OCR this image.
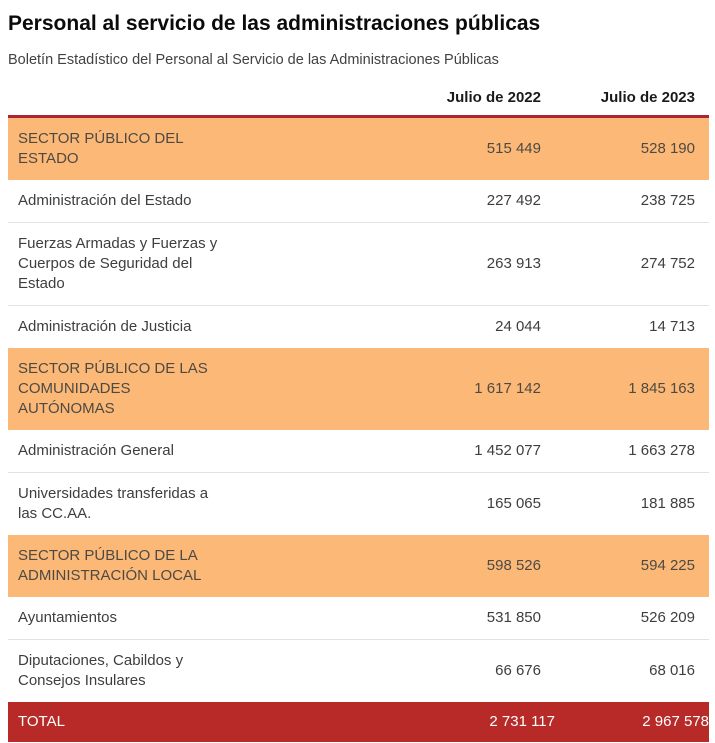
Personal al servicio de las administraciones públicas

Boletín Estadístico del Personal al Servicio de las Administraciones Públicas

	Julio de 2022	Julio de 2023
SECTOR PÚBLICO DEL ESTADO	515 449	528 190
Administración del Estado	227 492	238 725
Fuerzas Armadas y Fuerzas y Cuerpos de Seguridad del Estado	263 913	274 752
Administración de Justicia	24 044	14 713
SECTOR PÚBLICO DE LAS COMUNIDADES AUTÓNOMAS	1 617 142	1 845 163
Administración General	1 452 077	1 663 278
Universidades transferidas a las CC.AA.	165 065	181 885
SECTOR PÚBLICO DE LA ADMINISTRACIÓN LOCAL	598 526	594 225
Ayuntamientos	531 850	526 209
Diputaciones, Cabildos y Consejos Insulares	66 676	68 016
TOTAL	2 731 117	2 967 578
